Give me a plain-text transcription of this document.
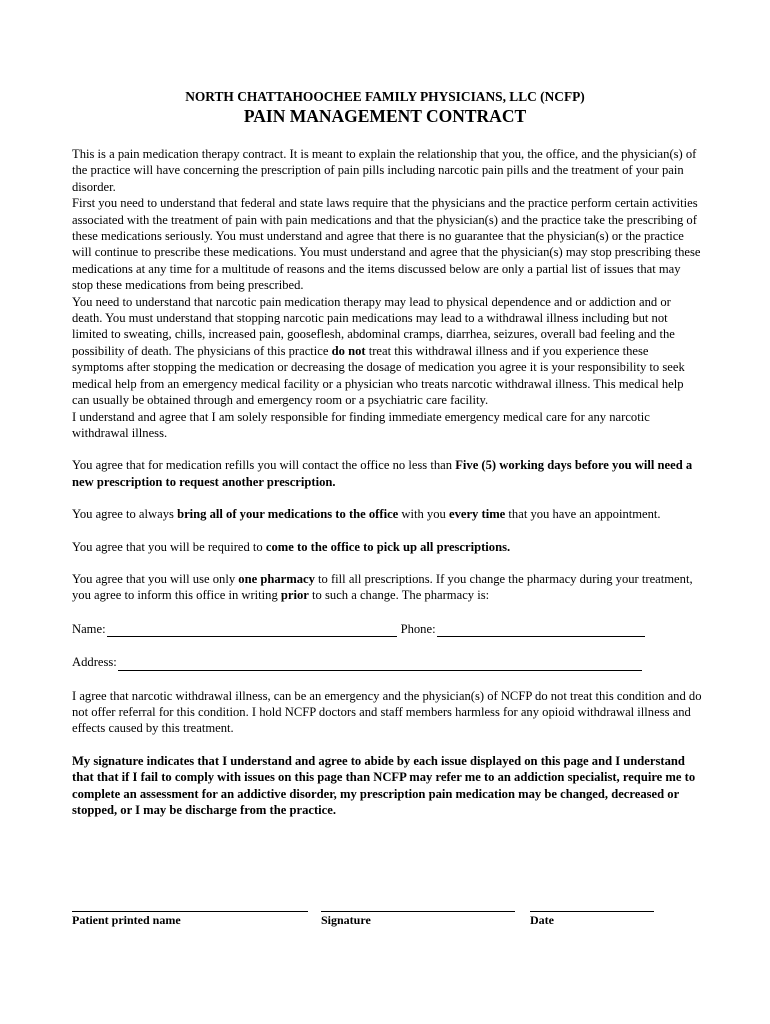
NORTH CHATTAHOOCHEE FAMILY PHYSICIANS, LLC (NCFP)
PAIN MANAGEMENT CONTRACT

This is a pain medication therapy contract. It is meant to explain the relationship that you, the office, and the physician(s) of the practice will have concerning the prescription of pain pills including narcotic pain pills and the treatment of your pain disorder.

First you need to understand that federal and state laws require that the physicians and the practice perform certain activities associated with the treatment of pain with pain medications and that the physician(s) and the practice take the prescribing of these medications seriously. You must understand and agree that there is no guarantee that the physician(s) or the practice will continue to prescribe these medications. You must understand and agree that the physician(s) may stop prescribing these medications at any time for a multitude of reasons and the items discussed below are only a partial list of issues that may stop these medications from being prescribed.

You need to understand that narcotic pain medication therapy may lead to physical dependence and or addiction and or death. You must understand that stopping narcotic pain medications may lead to a withdrawal illness including but not limited to sweating, chills, increased pain, gooseflesh, abdominal cramps, diarrhea, seizures, overall bad feeling and the possibility of death. The physicians of this practice do not treat this withdrawal illness and if you experience these symptoms after stopping the medication or decreasing the dosage of medication you agree it is your responsibility to seek medical help from an emergency medical facility or a physician who treats narcotic withdrawal illness. This medical help can usually be obtained through and emergency room or a psychiatric care facility.

I understand and agree that I am solely responsible for finding immediate emergency medical care for any narcotic withdrawal illness.

You agree that for medication refills you will contact the office no less than Five (5) working days before you will need a new prescription to request another prescription.

You agree to always bring all of your medications to the office with you every time that you have an appointment.

You agree that you will be required to come to the office to pick up all prescriptions.

You agree that you will use only one pharmacy to fill all prescriptions. If you change the pharmacy during your treatment, you agree to inform this office in writing prior to such a change. The pharmacy is:

Name:	Phone:

Address:

I agree that narcotic withdrawal illness, can be an emergency and the physician(s) of NCFP do not treat this condition and do not offer referral for this condition. I hold NCFP doctors and staff members harmless for any opioid withdrawal illness and effects caused by this treatment.

My signature indicates that I understand and agree to abide by each issue displayed on this page and I understand that that if I fail to comply with issues on this page than NCFP may refer me to an addiction specialist, require me to complete an assessment for an addictive disorder, my prescription pain medication may be changed, decreased or stopped, or I may be discharge from the practice.

Patient printed name	Signature	Date
